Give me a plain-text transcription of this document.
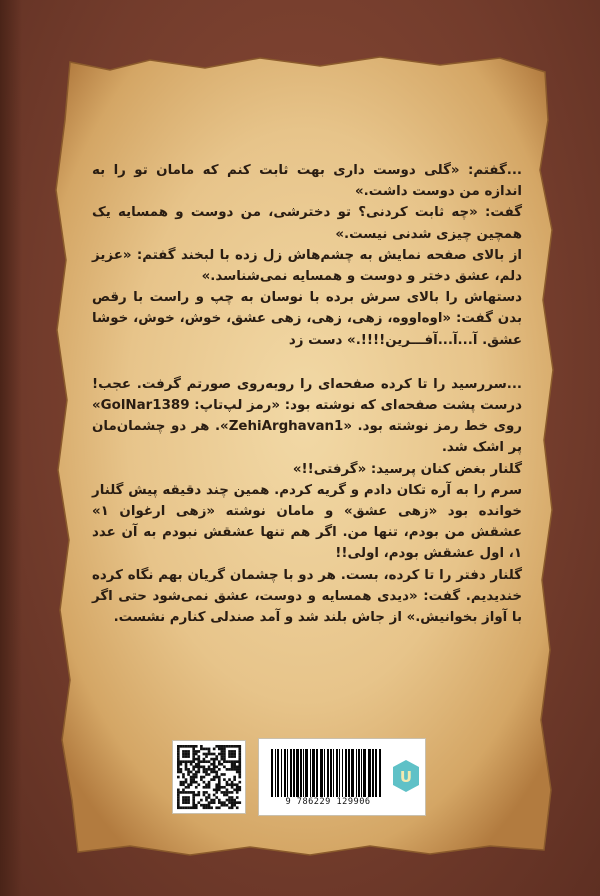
...گفتم: «گلی دوست داری بهت ثابت کنم که مامان تو را به اندازه من دوست داشت.»

گفت: «چه ثابت کردنی؟ تو دخترشی، من دوست و همسایه یک همچین چیزی شدنی نیست.»

از بالای صفحه نمایش به چشم‌هاش زل زده با لبخند گفتم: «عزیز دلم، عشق دختر و دوست و همسایه نمی‌شناسد.»

دستهاش را بالای سرش برده با نوسان به چپ و راست با رقص بدن گفت: «اوه‌اووه، زهی، زهی، زهی عشق، خوش، خوش، خوشا عشق. آ...آ...آفـــرین!!!!.» دست زد

...سررسید را تا کرده صفحه‌ای را روبه‌روی صورتم گرفت. عجب! درست پشت صفحه‌ای که نوشته بود: «رمز لپ‌تاپ: GolNar1389» روی خط رمز نوشته بود. «ZehiArghavan1». هر دو چشمان‌مان پر اشک شد.

گلنار بغض کنان پرسید: «گرفتی!!»

سرم را به آره تکان دادم و گریه کردم. همین چند دقیقه پیش گلنار خوانده بود «زهی عشق» و مامان نوشته «زهی ارغوان ۱» عشقش من بودم، تنها من. اگر هم تنها عشقش نبودم به آن عدد ۱، اول عشقش بودم، اولی!!

گلنار دفتر را تا کرده، بست. هر دو با چشمان گریان بهم نگاه کرده خندیدیم. گفت: «دیدی همسایه و دوست، عشق نمی‌شود حتی اگر با آواز بخوانیش.» از جاش بلند شد و آمد صندلی کنارم نشست.

9 786229 129906
U
